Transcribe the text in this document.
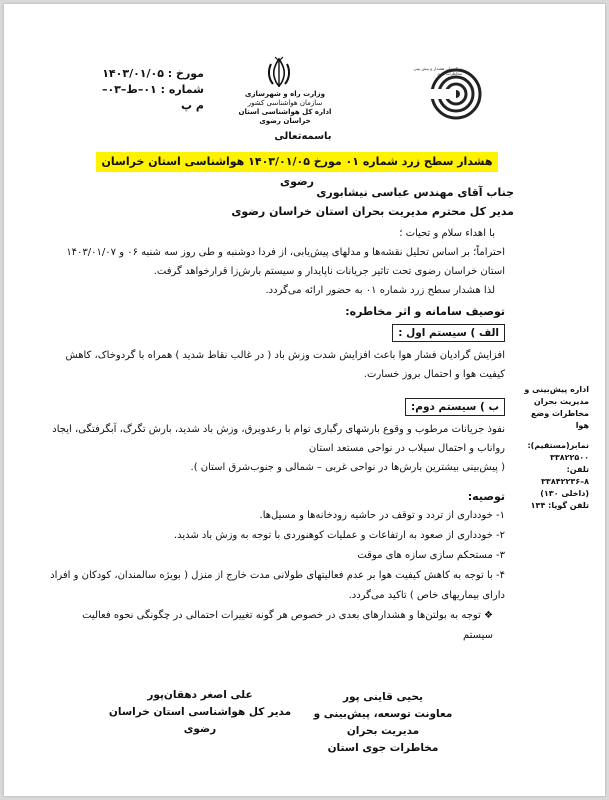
مورخ : ۱۴۰۳/۰۱/۰۵
شماره : ۰۱–ط–۰۳–م پ
وزارت راه و شهرسازی
سازمان هواشناسی کشور
اداره کل هواشناسی استان خراسان رضوی
مرکز ملی هشدار و پیش بینی مخاطرات جوی
باسمه‌تعالی
هشدار سطح زرد شماره ۰۱ مورخ ۱۴۰۳/۰۱/۰۵ هواشناسی استان خراسان رضوی
جناب آقای مهندس عباسی نیشابوری
مدیر کل محترم مدیریت بحران استان خراسان رضوی
با اهداء سلام و تحیات ؛
احتراماً؛ بر اساس تحلیل نقشه‌ها و مدلهای پیش‌یابی، از فردا دوشنبه و طی روز سه شنبه ۰۶ و ۱۴۰۳/۰۱/۰۷ استان خراسان رضوی تحت تاثیر جریانات ناپایدار و سیستم بارش‌زا قرارخواهد گرفت.
لذا هشدار سطح زرد شماره ۰۱ به حضور ارائه می‌گردد.
توصیف سامانه و اثر مخاطره:
الف ) سیستم اول :
افزایش گرادیان فشار هوا باعث افزایش شدت وزش باد ( در غالب نقاط شدید ) همراه با گردوخاک، کاهش کیفیت هوا و احتمال بروز خسارت.
ب ) سیستم دوم:
نفوذ جریانات مرطوب و وقوع بارشهای رگباری توام با رعدوبرق، وزش باد شدید، بارش تگرگ، آبگرفتگی، ایجاد رواناب و احتمال سیلاب در نواحی مستعد استان
( پیش‌بینی بیشترین بارش‌ها در نواحی غربی – شمالی و جنوب‌شرق استان ).
توصیه:
۱- خودداری از تردد و توقف در حاشیه رودخانه‌ها و مسیل‌ها.
۲- خودداری از صعود به ارتفاعات و عملیات کوهنوردی با توجه به وزش باد شدید.
۳- مستحکم سازی سازه های موقت
۴- با توجه به کاهش کیفیت هوا بر عدم فعالیتهای طولانی مدت خارج از منزل ( بویژه سالمندان، کودکان و افراد دارای بیماریهای خاص ) تاکید می‌گردد.
❖ توجه به بولتن‌ها و هشدارهای بعدی در خصوص هر گونه تغییرات احتمالی در چگونگی نحوه فعالیت سیستم
اداره پیش‌بینی و مدیریت بحران مخاطرات وضع هوا
نمابر(مستقیم):
۳۳۸۲۲۵۰۰
تلفن:
۸–۳۳۸۴۲۲۳۶
(داخلی ۱۳۰)
تلفن گویا: ۱۳۴
یحیی قاینی پور
معاونت توسعه، پیش‌بینی و مدیریت بحران
مخاطرات جوی استان
علی اصغر دهقان‌پور
مدیر کل هواشناسی استان خراسان رضوی
